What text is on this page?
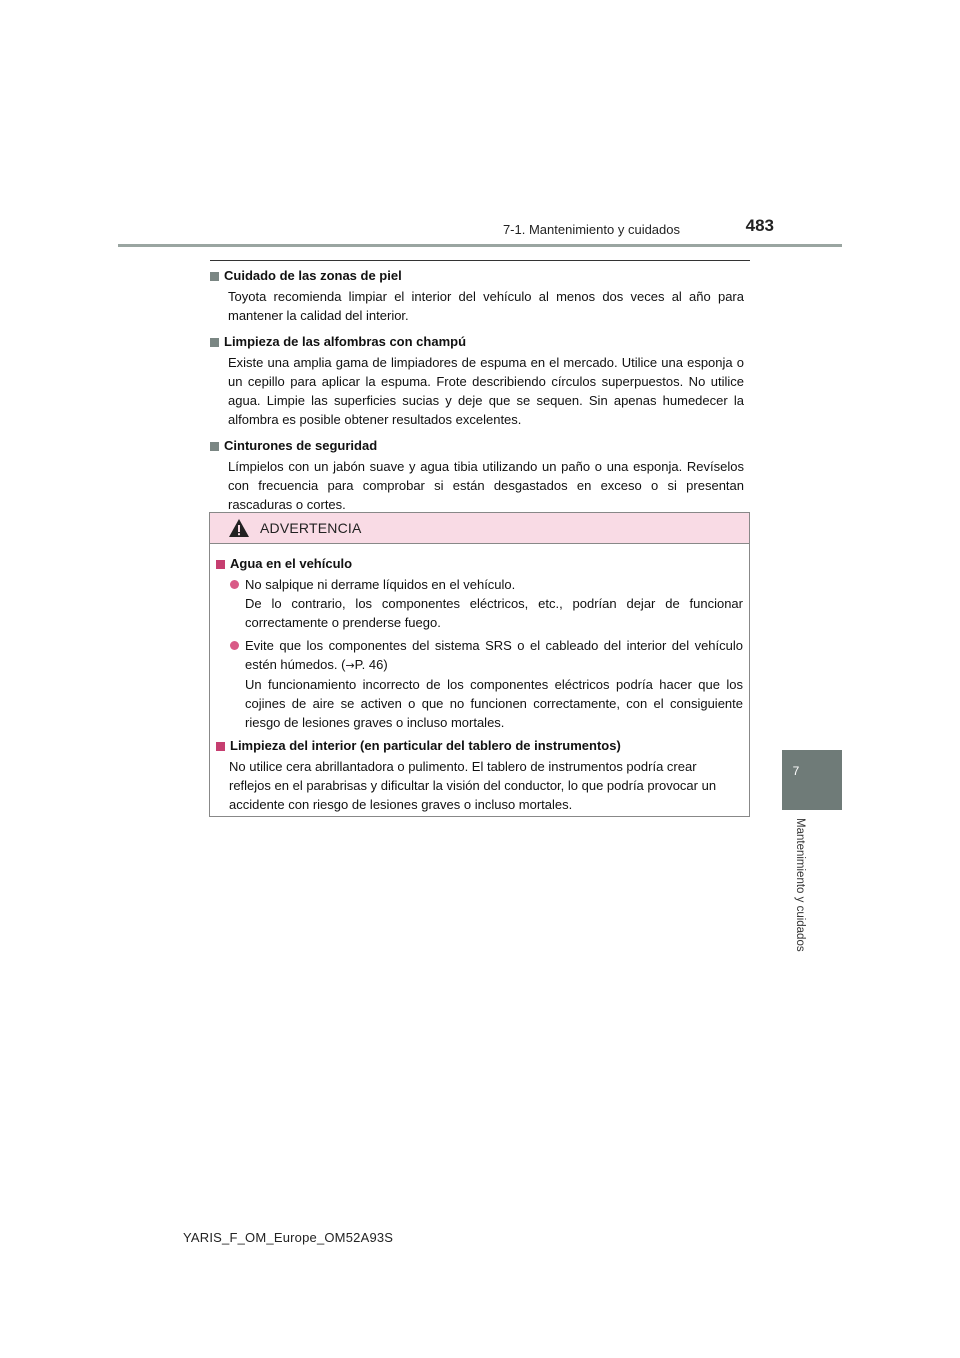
7-1. Mantenimiento y cuidados	483
7
Mantenimiento y cuidados
Cuidado de las zonas de piel
Toyota recomienda limpiar el interior del vehículo al menos dos veces al año para mantener la calidad del interior.
Limpieza de las alfombras con champú
Existe una amplia gama de limpiadores de espuma en el mercado. Utilice una esponja o un cepillo para aplicar la espuma. Frote describiendo círculos superpuestos. No utilice agua. Limpie las superficies sucias y deje que se sequen. Sin apenas humedecer la alfombra es posible obtener resultados excelentes.
Cinturones de seguridad
Límpielos con un jabón suave y agua tibia utilizando un paño o una esponja. Revíselos con frecuencia para comprobar si están desgastados en exceso o si presentan rascaduras o cortes.
ADVERTENCIA
Agua en el vehículo
No salpique ni derrame líquidos en el vehículo.
De lo contrario, los componentes eléctricos, etc., podrían dejar de funcionar correctamente o prenderse fuego.
Evite que los componentes del sistema SRS o el cableado del interior del vehículo estén húmedos. (→P. 46)
Un funcionamiento incorrecto de los componentes eléctricos podría hacer que los cojines de aire se activen o que no funcionen correctamente, con el consiguiente riesgo de lesiones graves o incluso mortales.
Limpieza del interior (en particular del tablero de instrumentos)
No utilice cera abrillantadora o pulimento. El tablero de instrumentos podría crear reflejos en el parabrisas y dificultar la visión del conductor, lo que podría provocar un accidente con riesgo de lesiones graves o incluso mortales.
YARIS_F_OM_Europe_OM52A93S
